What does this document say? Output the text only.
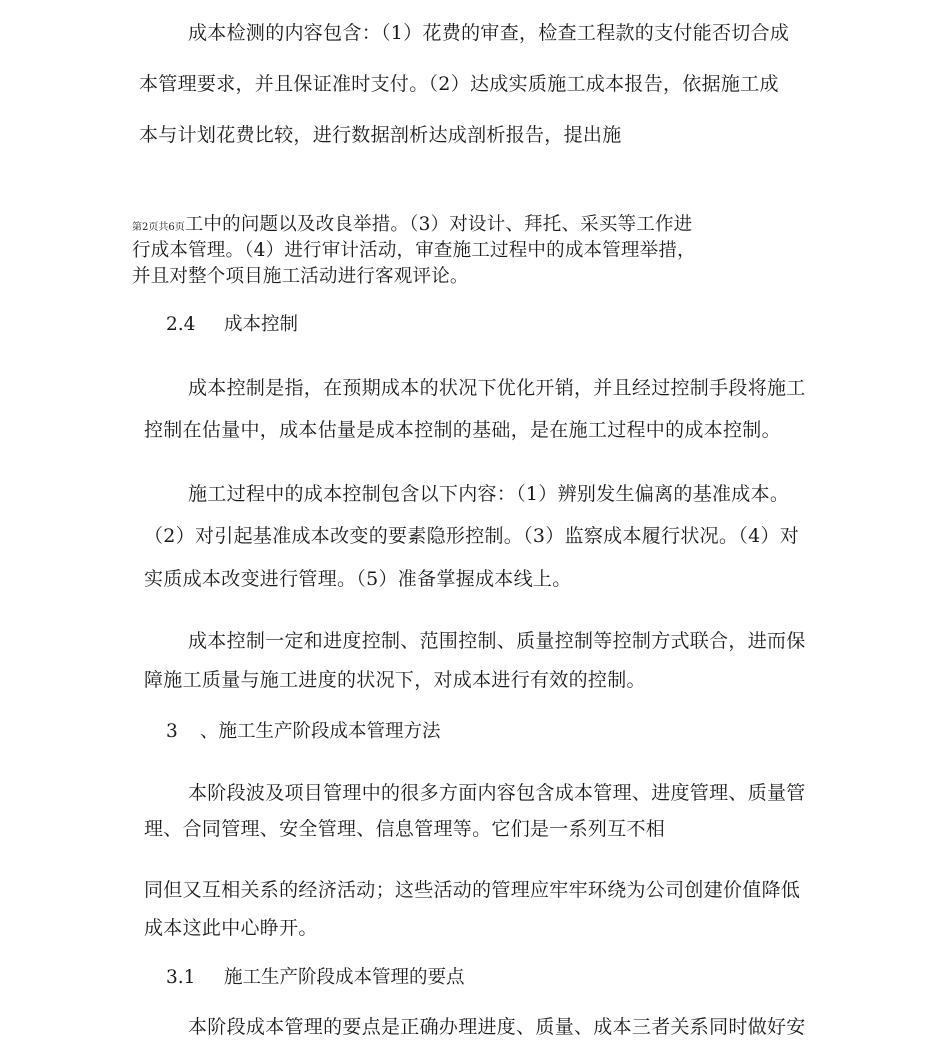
成本检测的内容包含：（1）花费的审查，检查工程款的支付能否切合成
本管理要求，并且保证准时支付。（2）达成实质施工成本报告，依据施工成
本与计划花费比较，进行数据剖析达成剖析报告，提出施
第2页共6页工中的问题以及改良举措。（3）对设计、拜托、采买等工作进
行成本管理。（4）进行审计活动，审查施工过程中的成本管理举措，
并且对整个项目施工活动进行客观评论。
2.4 成本控制
成本控制是指，在预期成本的状况下优化开销，并且经过控制手段将施工
控制在估量中，成本估量是成本控制的基础，是在施工过程中的成本控制。
施工过程中的成本控制包含以下内容：（1）辨别发生偏离的基准成本。
（2）对引起基准成本改变的要素隐形控制。（3）监察成本履行状况。（4）对
实质成本改变进行管理。（5）准备掌握成本线上。
成本控制一定和进度控制、范围控制、质量控制等控制方式联合，进而保
障施工质量与施工进度的状况下，对成本进行有效的控制。
3 、施工生产阶段成本管理方法
本阶段波及项目管理中的很多方面内容包含成本管理、进度管理、质量管
理、合同管理、安全管理、信息管理等。它们是一系列互不相
同但又互相关系的经济活动；这些活动的管理应牢牢环绕为公司创建价值降低
成本这此中心睁开。
3.1 施工生产阶段成本管理的要点
本阶段成本管理的要点是正确办理进度、质量、成本三者关系同时做好安
